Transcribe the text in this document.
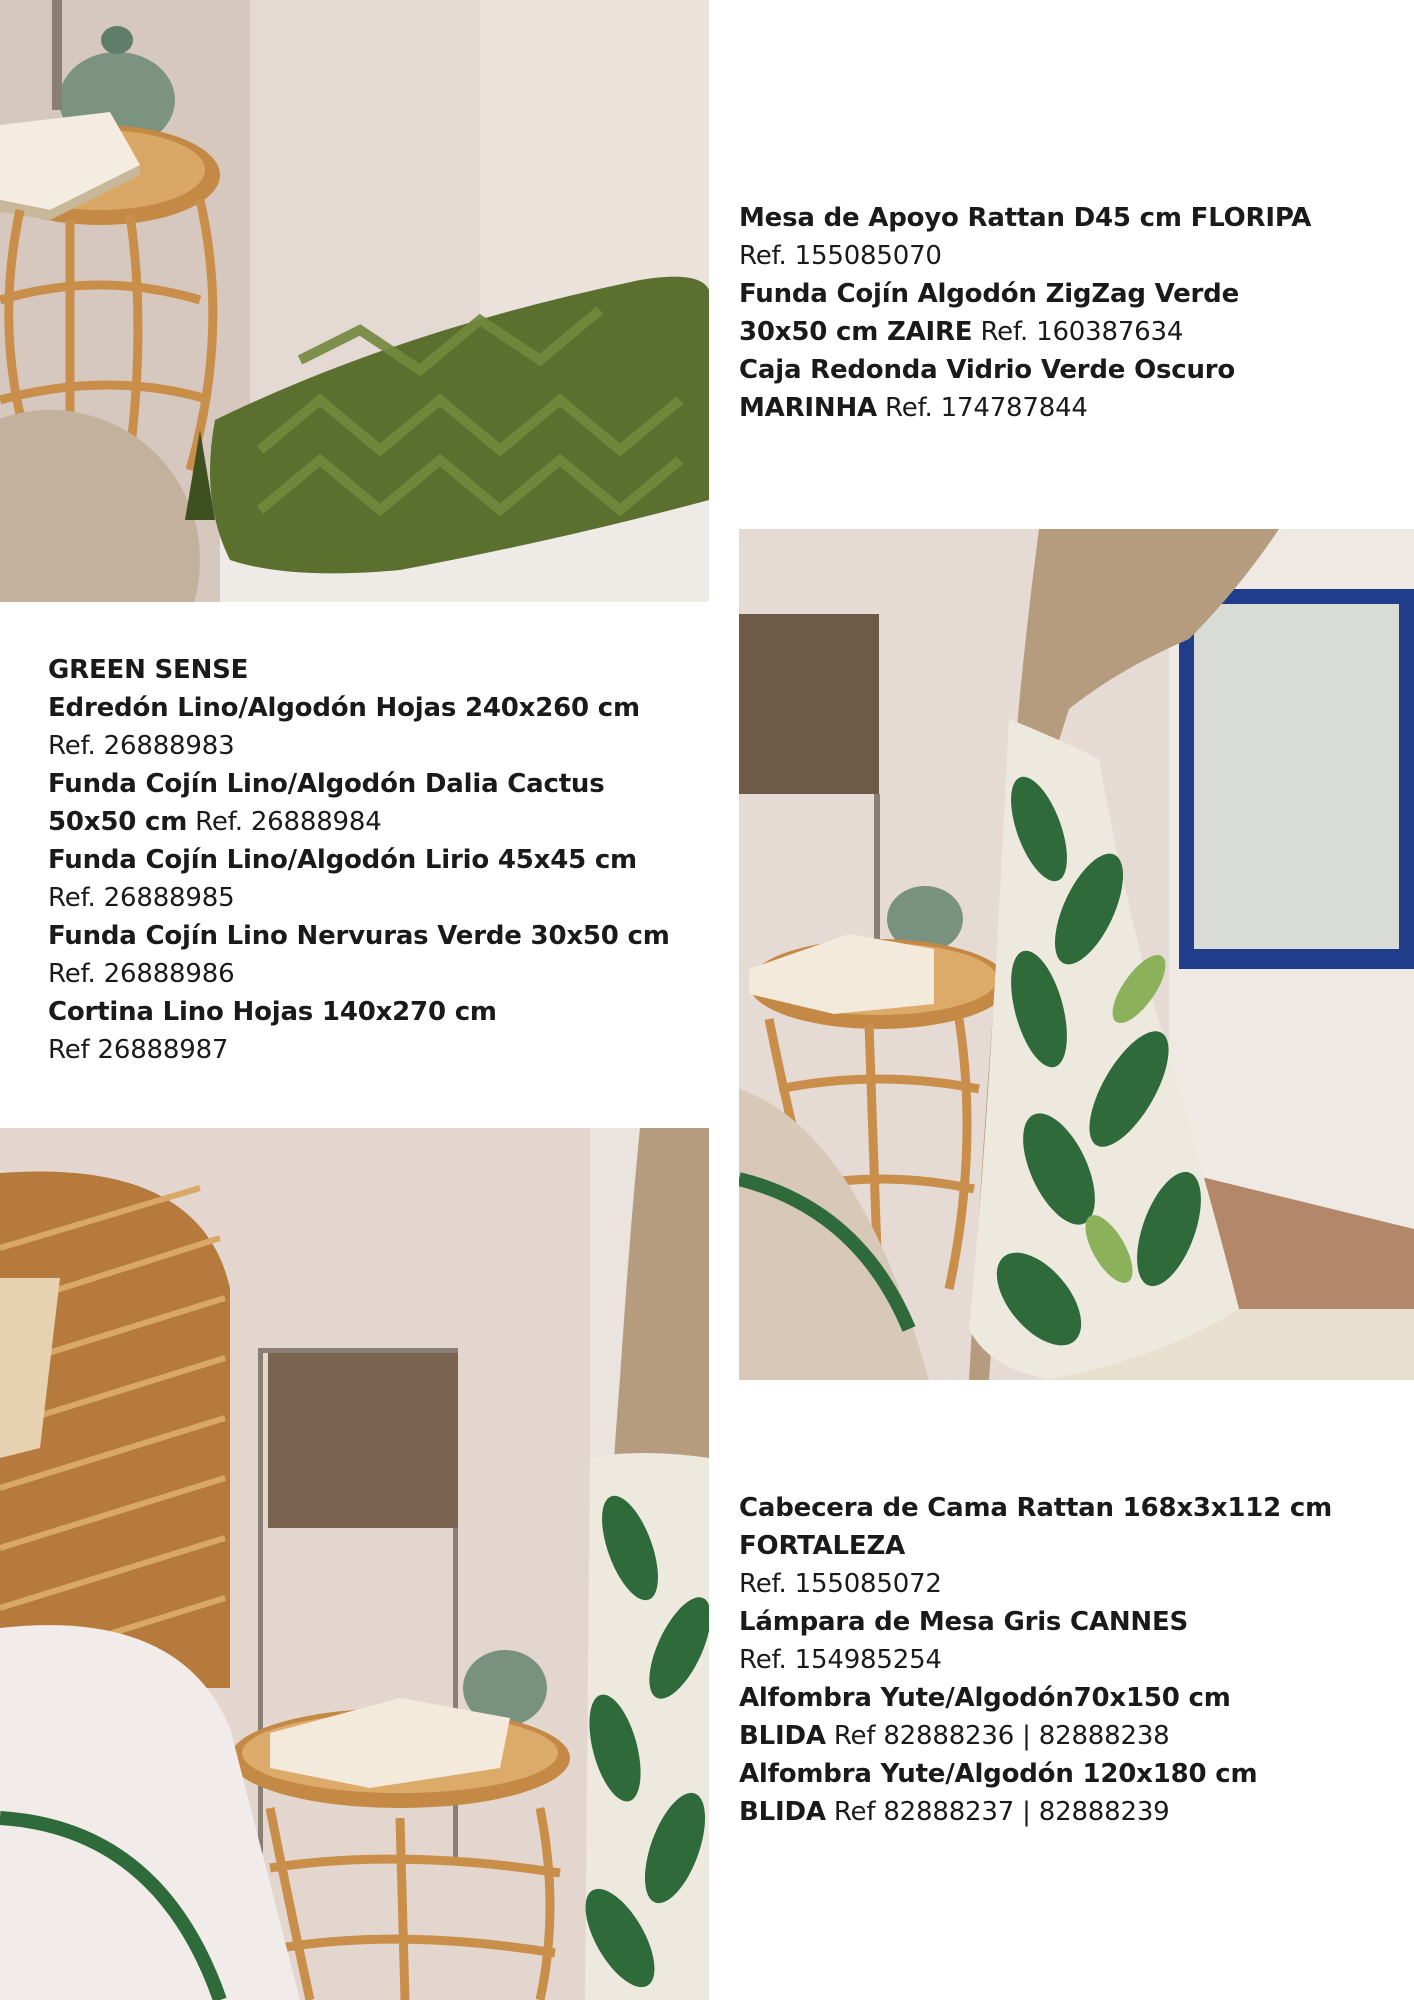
Mesa de Apoyo Rattan D45 cm FLORIPA
Ref. 155085070
Funda Cojín Algodón ZigZag Verde
30x50 cm ZAIRE Ref. 160387634
Caja Redonda Vidrio Verde Oscuro
MARINHA Ref. 174787844
GREEN SENSE
Edredón Lino/Algodón Hojas 240x260 cm
Ref. 26888983
Funda Cojín Lino/Algodón Dalia Cactus
50x50 cm Ref. 26888984
Funda Cojín Lino/Algodón Lirio 45x45 cm
Ref. 26888985
Funda Cojín Lino Nervuras Verde 30x50 cm
Ref. 26888986
Cortina Lino Hojas 140x270 cm
Ref 26888987
Cabecera de Cama Rattan 168x3x112 cm
FORTALEZA
Ref. 155085072
Lámpara de Mesa Gris CANNES
Ref. 154985254
Alfombra Yute/Algodón70x150 cm
BLIDA Ref 82888236 | 82888238
Alfombra Yute/Algodón 120x180 cm
BLIDA Ref 82888237 | 82888239
